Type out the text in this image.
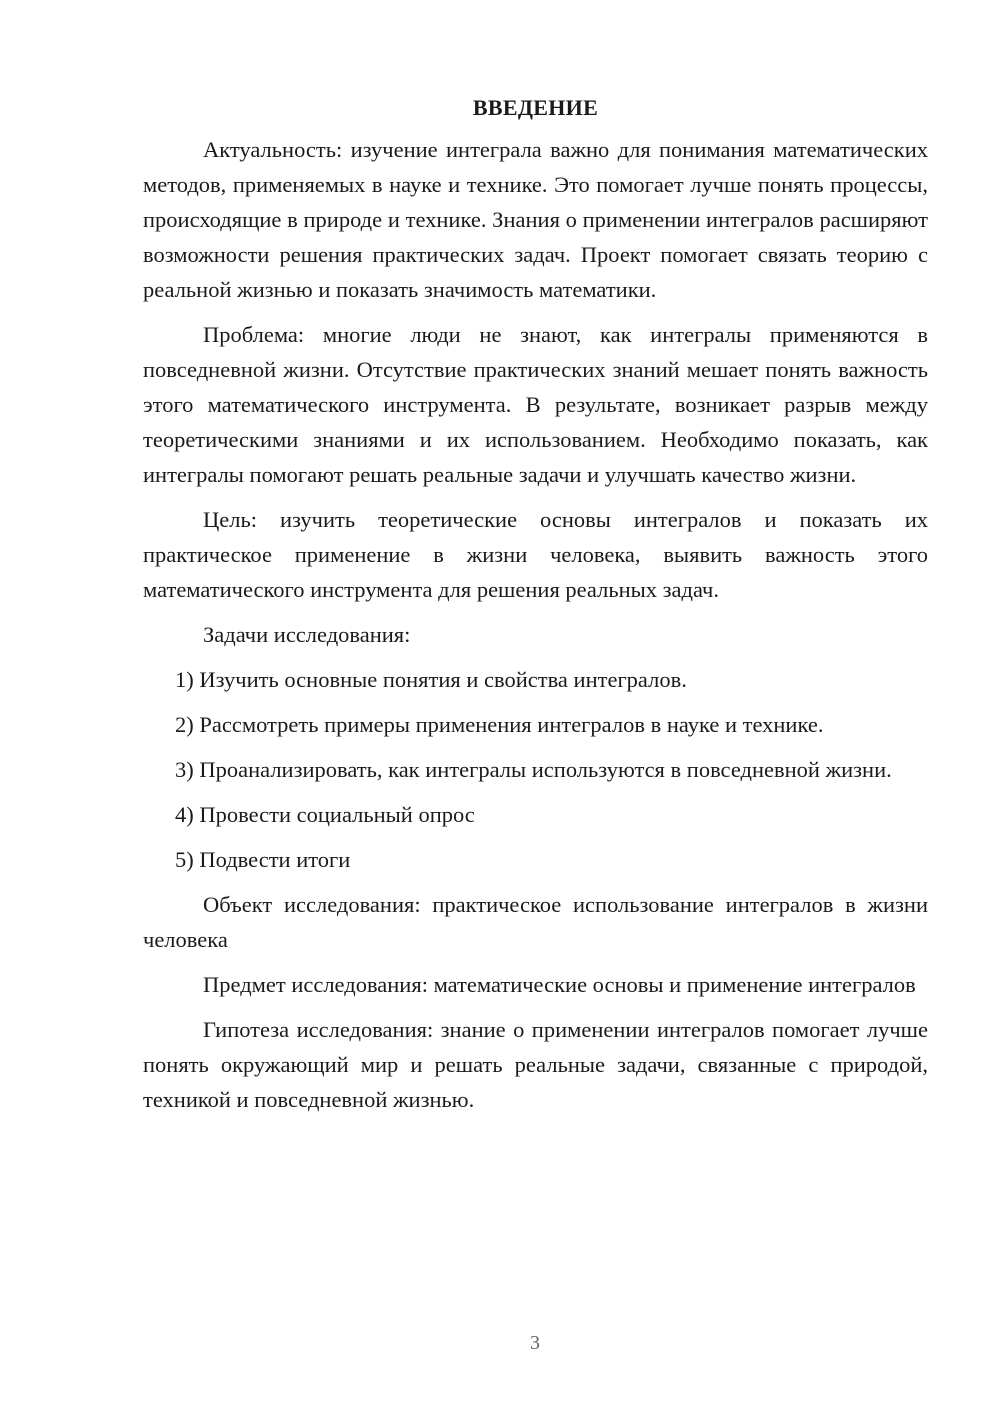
ВВЕДЕНИЕ

Актуальность: изучение интеграла важно для понимания математических методов, применяемых в науке и технике. Это помогает лучше понять процессы, происходящие в природе и технике. Знания о применении интегралов расширяют возможности решения практических задач. Проект помогает связать теорию с реальной жизнью и показать значимость математики.

Проблема: многие люди не знают, как интегралы применяются в повседневной жизни. Отсутствие практических знаний мешает понять важность этого математического инструмента. В результате, возникает разрыв между теоретическими знаниями и их использованием. Необходимо показать, как интегралы помогают решать реальные задачи и улучшать качество жизни.

Цель: изучить теоретические основы интегралов и показать их практическое применение в жизни человека, выявить важность этого математического инструмента для решения реальных задач.

Задачи исследования:

1) Изучить основные понятия и свойства интегралов.

2) Рассмотреть примеры применения интегралов в науке и технике.

3) Проанализировать, как интегралы используются в повседневной жизни.

4) Провести социальный опрос

5) Подвести итоги

Объект исследования: практическое использование интегралов в жизни человека

Предмет исследования: математические основы и применение интегралов

Гипотеза исследования: знание о применении интегралов помогает лучше понять окружающий мир и решать реальные задачи, связанные с природой, техникой и повседневной жизнью.

3
